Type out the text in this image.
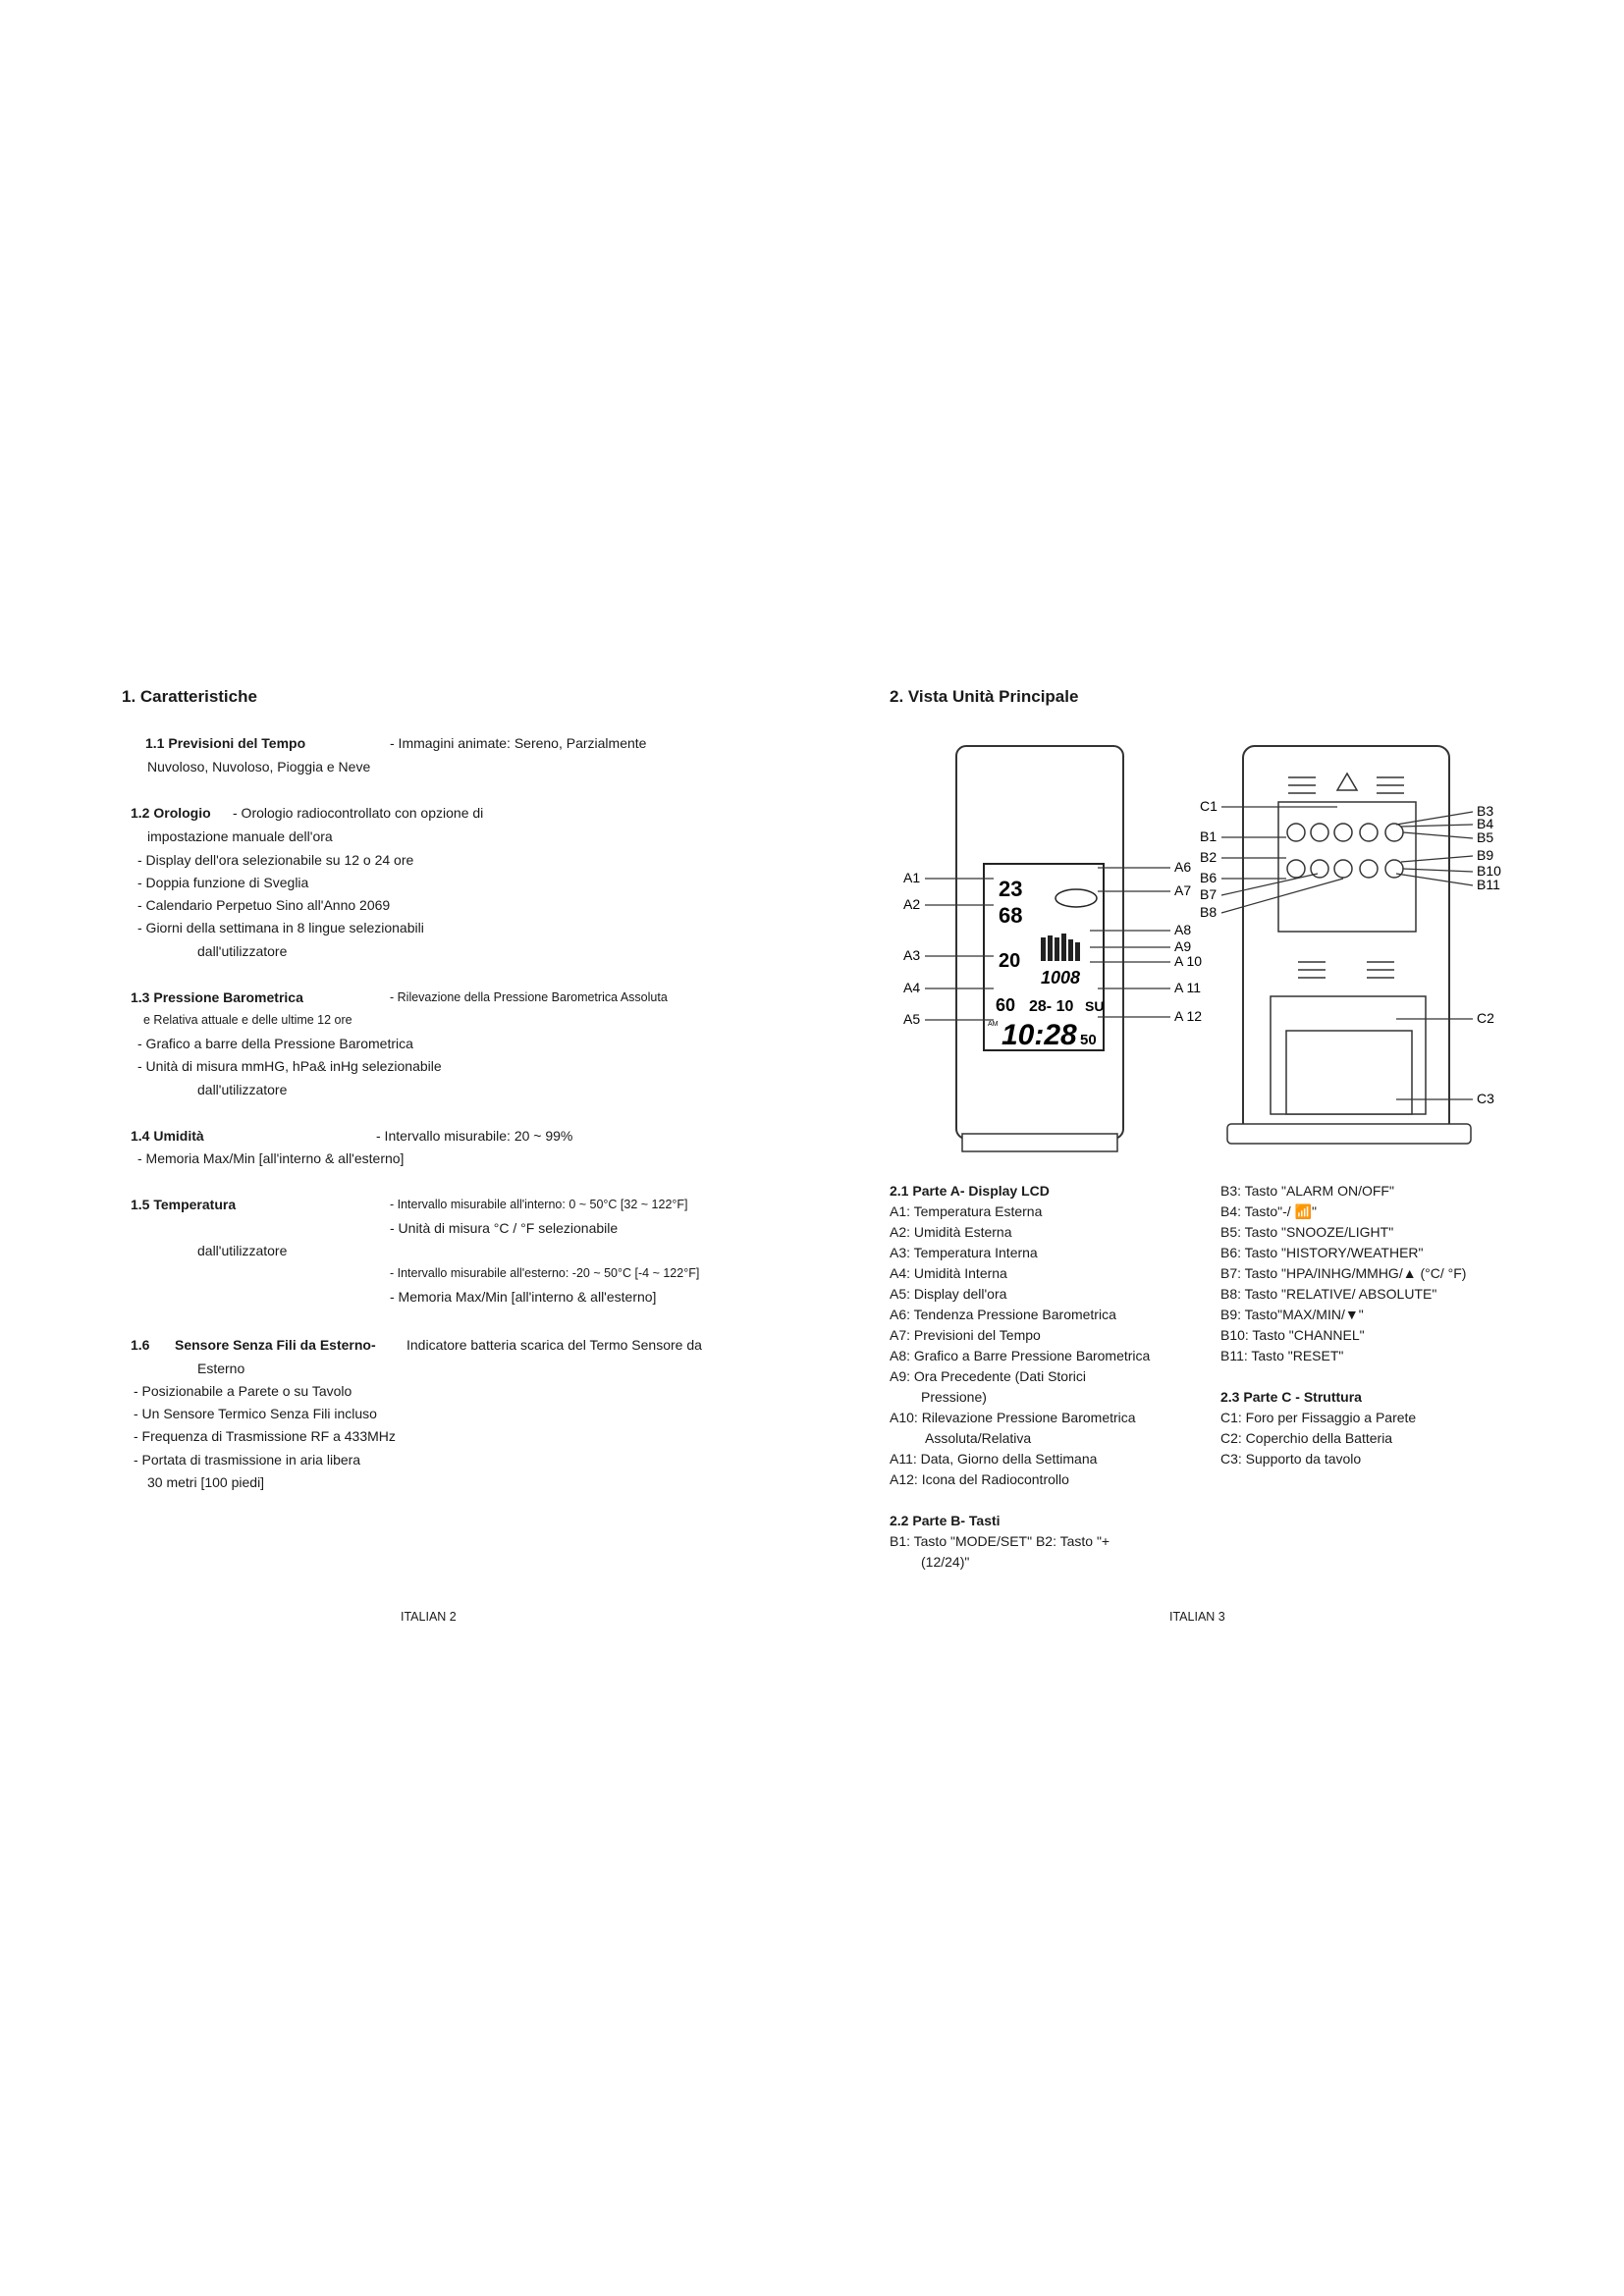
1. Caratteristiche
1.1 Previsioni del Tempo	- Immagini animate: Sereno, Parzialmente
Nuvoloso, Nuvoloso, Pioggia e Neve
1.2 Orologio - Orologio radiocontrollato con opzione di
impostazione manuale dell'ora
- Display dell'ora selezionabile su 12 o 24 ore
- Doppia funzione di Sveglia
- Calendario Perpetuo Sino all'Anno 2069
- Giorni della settimana in 8 lingue selezionabili
dall'utilizzatore
1.3 Pressione Barometrica	- Rilevazione della Pressione Barometrica Assoluta
e Relativa attuale e delle ultime 12 ore
- Grafico a barre della Pressione Barometrica
- Unità di misura mmHG, hPa& inHg selezionabile
dall'utilizzatore
1.4 Umidità	- Intervallo misurabile: 20 ~ 99%
- Memoria Max/Min [all'interno & all'esterno]
1.5 Temperatura	- Intervallo misurabile all'interno: 0 ~ 50°C [32 ~ 122°F]
- Unità di misura °C / °F selezionabile
dall'utilizzatore
- Intervallo misurabile all'esterno: -20 ~ 50°C [-4 ~ 122°F]
- Memoria Max/Min [all'interno & all'esterno]
1.6 Sensore Senza Fili da Esterno- Indicatore batteria scarica del Termo Sensore da
Esterno
- Posizionabile a Parete o su Tavolo
- Un Sensore Termico Senza Fili incluso
- Frequenza di Trasmissione RF a 433MHz
- Portata di trasmissione in aria libera
30 metri [100 piedi]
ITALIAN 2
2. Vista Unità Principale
23
68
20
1008
60 28- 10 SU
AM 10:28 50
A1
A2
A3
A4
A5
A6
A7
A8
A9
A 10
A 11
A 12
C1
B1
B2
B6
B7
B8
B3
B4
B5
B9
B10
B11
C2
C3
2.1 Parte A- Display LCD
A1: Temperatura Esterna
A2: Umidità Esterna
A3: Temperatura Interna
A4: Umidità Interna
A5: Display dell'ora
A6: Tendenza Pressione Barometrica
A7: Previsioni del Tempo
A8: Grafico a Barre Pressione Barometrica
A9: Ora Precedente (Dati Storici
Pressione)
A10: Rilevazione Pressione Barometrica
Assoluta/Relativa
A11: Data, Giorno della Settimana
A12: Icona del Radiocontrollo
2.2 Parte B- Tasti
B1: Tasto "MODE/SET" B2: Tasto "+
(12/24)"
B3: Tasto "ALARM ON/OFF"
B4: Tasto"-/ 📶"
B5: Tasto "SNOOZE/LIGHT"
B6: Tasto "HISTORY/WEATHER"
B7: Tasto "HPA/INHG/MMHG/▲ (°C/ °F)
B8: Tasto "RELATIVE/ ABSOLUTE"
B9: Tasto"MAX/MIN/▼"
B10: Tasto "CHANNEL"
B11: Tasto "RESET"
2.3 Parte C - Struttura
C1: Foro per Fissaggio a Parete
C2: Coperchio della Batteria
C3: Supporto da tavolo
ITALIAN 3
